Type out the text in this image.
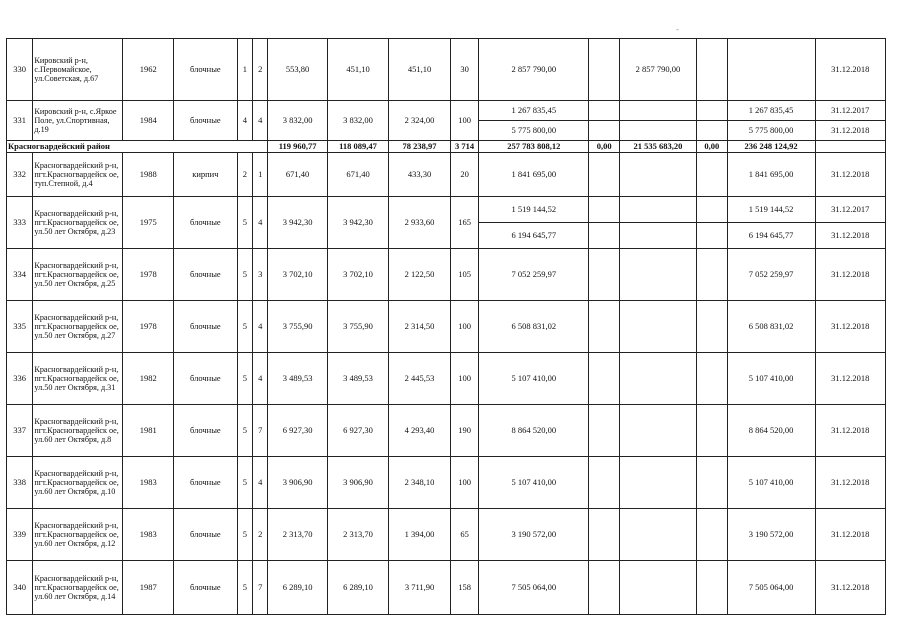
-
330	Кировский р-н, с.Первомайское, ул.Советская, д.67	1962	блочные	1	2	553,80	451,10	451,10	30	2 857 790,00		2 857 790,00			31.12.2018
331	Кировский р-н, с.Яркое Поле, ул.Спортивная, д.19	1984	блочные	4	4	3 832,00	3 832,00	2 324,00	100	1 267 835,45				1 267 835,45	31.12.2017
										5 775 800,00				5 775 800,00	31.12.2018
Красногвардейский район						119 960,77	118 089,47	78 238,97	3 714	257 783 808,12	0,00	21 535 683,20	0,00	236 248 124,92	
332	Красногвардейский р-н, пгт.Красногвардейск ое, туп.Степной, д.4	1988	кирпич	2	1	671,40	671,40	433,30	20	1 841 695,00				1 841 695,00	31.12.2018
333	Красногвардейский р-н, пгт.Красногвардейск ое, ул.50 лет Октября, д.23	1975	блочные	5	4	3 942,30	3 942,30	2 933,60	165	1 519 144,52				1 519 144,52	31.12.2017
										6 194 645,77				6 194 645,77	31.12.2018
334	Красногвардейский р-н, пгт.Красногвардейск ое, ул.50 лет Октября, д.25	1978	блочные	5	3	3 702,10	3 702,10	2 122,50	105	7 052 259,97				7 052 259,97	31.12.2018
335	Красногвардейский р-н, пгт.Красногвардейск ое, ул.50 лет Октября, д.27	1978	блочные	5	4	3 755,90	3 755,90	2 314,50	100	6 508 831,02				6 508 831,02	31.12.2018
336	Красногвардейский р-н, пгт.Красногвардейск ое, ул.50 лет Октября, д.31	1982	блочные	5	4	3 489,53	3 489,53	2 445,53	100	5 107 410,00				5 107 410,00	31.12.2018
337	Красногвардейский р-н, пгт.Красногвардейск ое, ул.60 лет Октября, д.8	1981	блочные	5	7	6 927,30	6 927,30	4 293,40	190	8 864 520,00				8 864 520,00	31.12.2018
338	Красногвардейский р-н, пгт.Красногвардейск ое, ул.60 лет Октября, д.10	1983	блочные	5	4	3 906,90	3 906,90	2 348,10	100	5 107 410,00				5 107 410,00	31.12.2018
339	Красногвардейский р-н, пгт.Красногвардейск ое, ул.60 лет Октября, д.12	1983	блочные	5	2	2 313,70	2 313,70	1 394,00	65	3 190 572,00				3 190 572,00	31.12.2018
340	Красногвардейский р-н, пгт.Красногвардейск ое, ул.60 лет Октября, д.14	1987	блочные	5	7	6 289,10	6 289,10	3 711,90	158	7 505 064,00				7 505 064,00	31.12.2018
